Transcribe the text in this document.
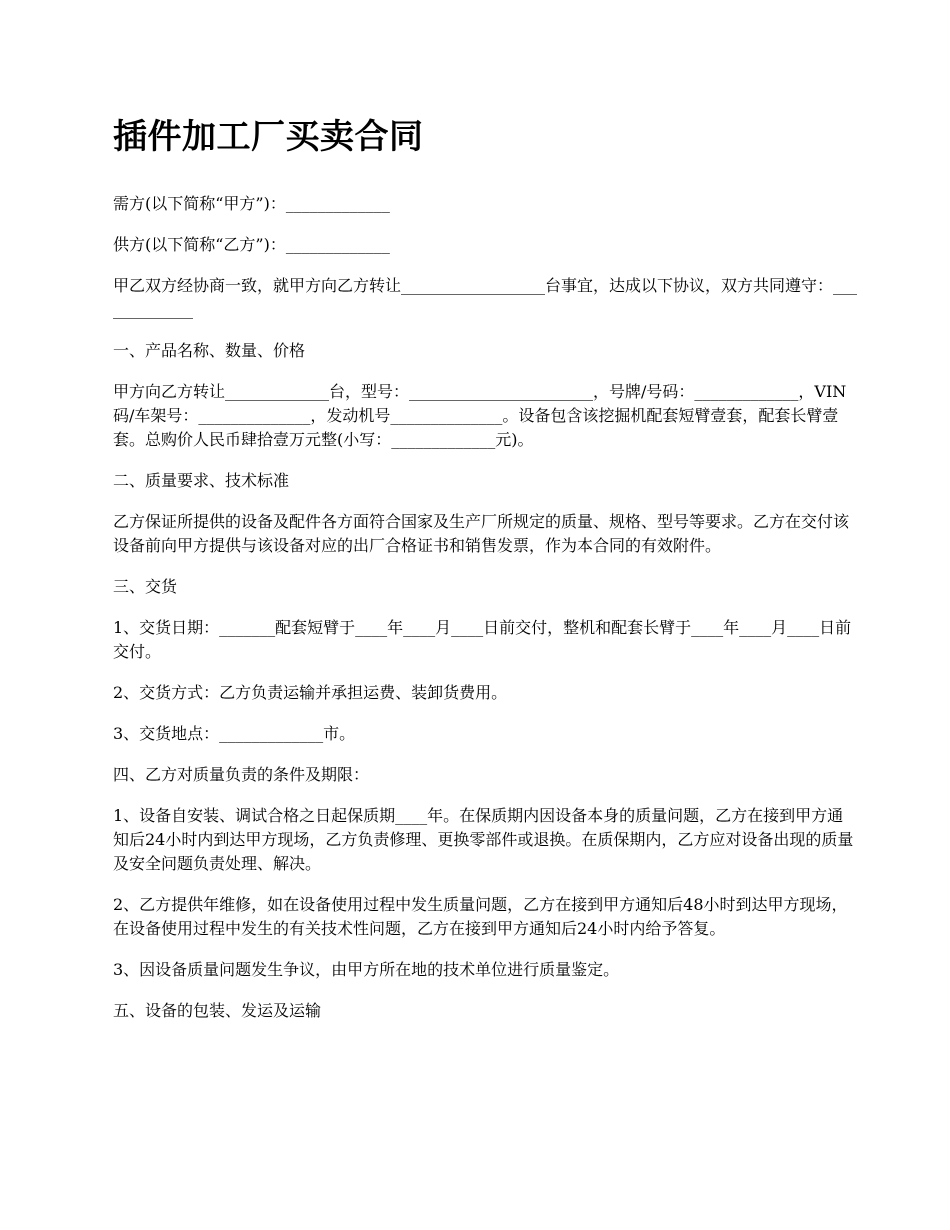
插件加工厂买卖合同

需方(以下简称“甲方”)：_____________

供方(以下简称“乙方”)：_____________

甲乙双方经协商一致，就甲方向乙方转让__________________台事宜，达成以下协议，双方共同遵守：_____________

一、产品名称、数量、价格

甲方向乙方转让_____________台，型号：_______________________，号牌/号码：_____________，VIN码/车架号：______________，发动机号______________。设备包含该挖掘机配套短臂壹套，配套长臂壹套。总购价人民币肆拾壹万元整(小写：_____________元)。

二、质量要求、技术标准

乙方保证所提供的设备及配件各方面符合国家及生产厂所规定的质量、规格、型号等要求。乙方在交付该设备前向甲方提供与该设备对应的出厂合格证书和销售发票，作为本合同的有效附件。

三、交货

1、交货日期：_______配套短臂于____年____月____日前交付，整机和配套长臂于____年____月____日前交付。

2、交货方式：乙方负责运输并承担运费、装卸货费用。

3、交货地点：_____________市。

四、乙方对质量负责的条件及期限：

1、设备自安装、调试合格之日起保质期____年。在保质期内因设备本身的质量问题，乙方在接到甲方通知后24小时内到达甲方现场，乙方负责修理、更换零部件或退换。在质保期内，乙方应对设备出现的质量及安全问题负责处理、解决。

2、乙方提供年维修，如在设备使用过程中发生质量问题，乙方在接到甲方通知后48小时到达甲方现场，在设备使用过程中发生的有关技术性问题，乙方在接到甲方通知后24小时内给予答复。

3、因设备质量问题发生争议，由甲方所在地的技术单位进行质量鉴定。

五、设备的包装、发运及运输
